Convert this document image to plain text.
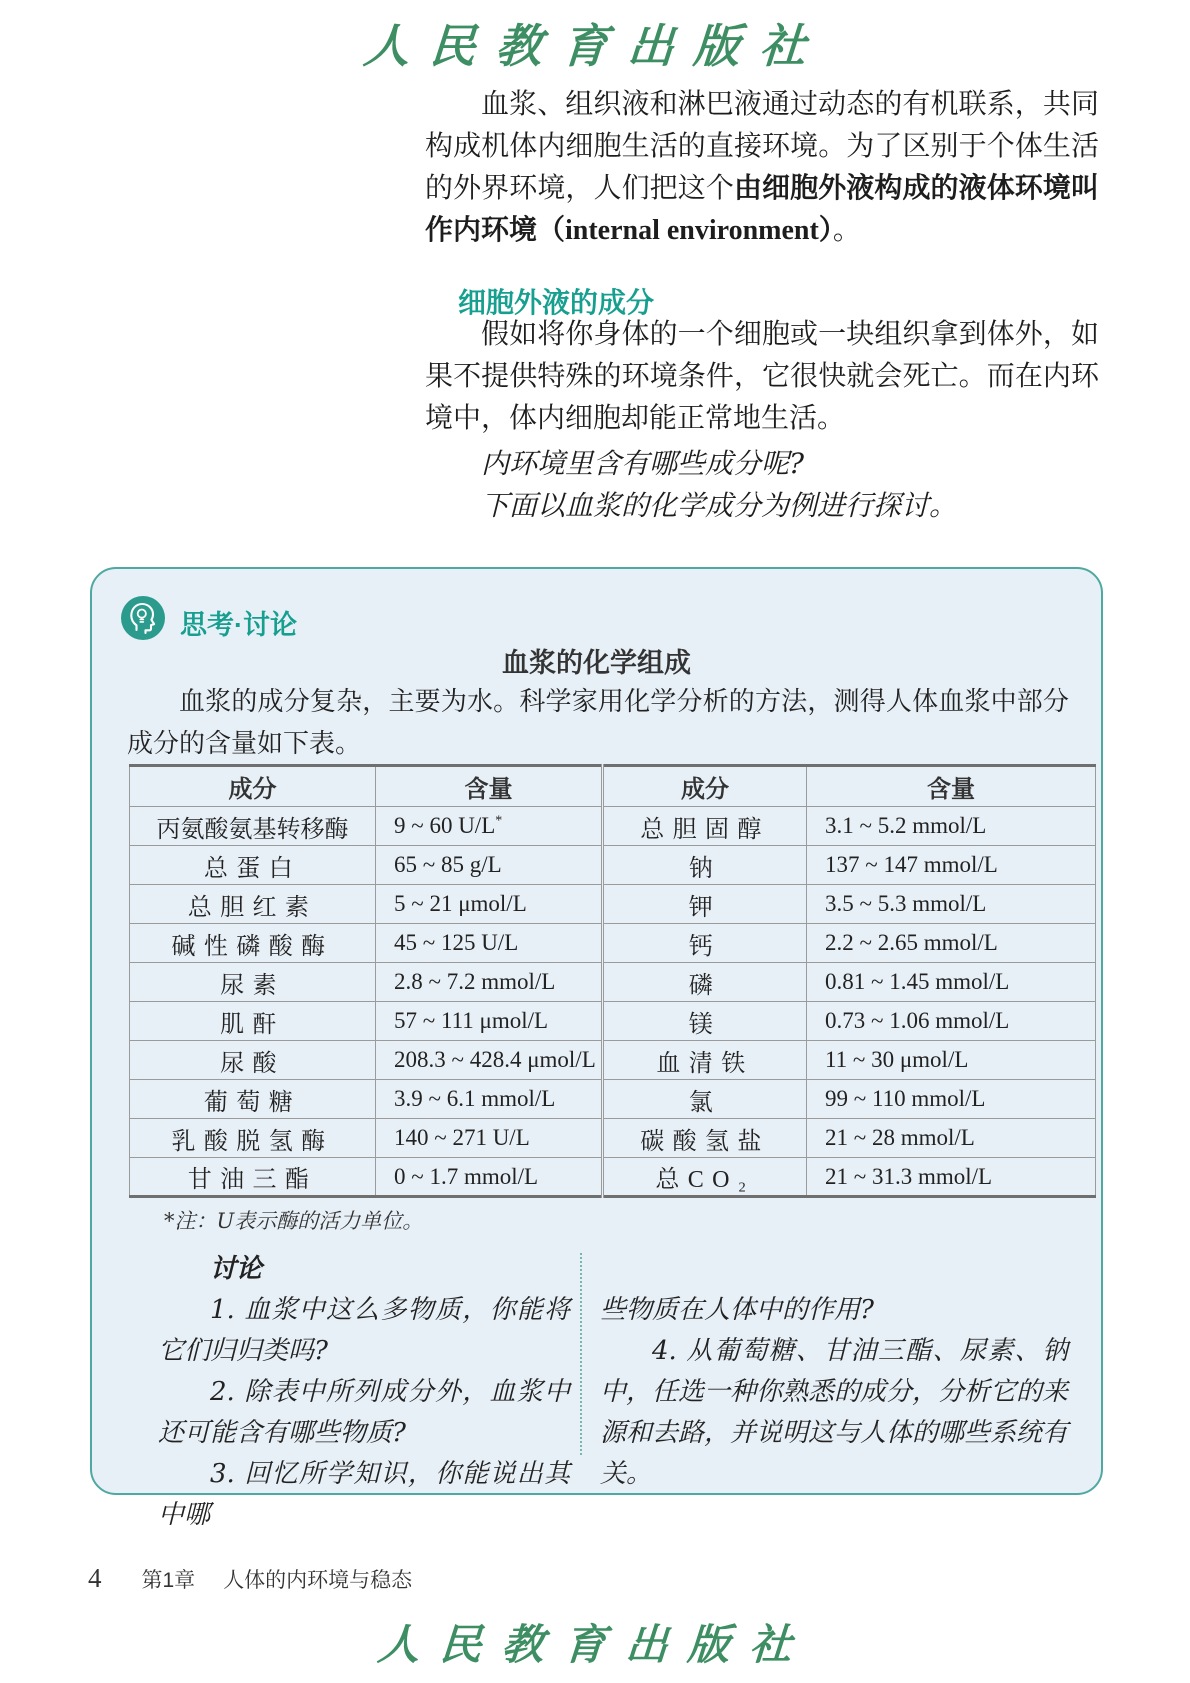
人民教育出版社

血浆、组织液和淋巴液通过动态的有机联系，共同构成机体内细胞生活的直接环境。为了区别于个体生活的外界环境，人们把这个由细胞外液构成的液体环境叫作内环境（internal environment）。

细胞外液的成分

假如将你身体的一个细胞或一块组织拿到体外，如果不提供特殊的环境条件，它很快就会死亡。而在内环境中，体内细胞却能正常地生活。

内环境里含有哪些成分呢?

下面以血浆的化学成分为例进行探讨。

思考·讨论
血浆的化学组成

血浆的成分复杂，主要为水。科学家用化学分析的方法，测得人体血浆中部分成分的含量如下表。

成分	含量	成分	含量
丙氨酸氨基转移酶	9 ~ 60 U/L*	总胆固醇	3.1 ~ 5.2 mmol/L
总蛋白	65 ~ 85 g/L	钠	137 ~ 147 mmol/L
总胆红素	5 ~ 21 μmol/L	钾	3.5 ~ 5.3 mmol/L
碱性磷酸酶	45 ~ 125 U/L	钙	2.2 ~ 2.65 mmol/L
尿素	2.8 ~ 7.2 mmol/L	磷	0.81 ~ 1.45 mmol/L
肌酐	57 ~ 111 μmol/L	镁	0.73 ~ 1.06 mmol/L
尿酸	208.3 ~ 428.4 μmol/L	血清铁	11 ~ 30 μmol/L
葡萄糖	3.9 ~ 6.1 mmol/L	氯	99 ~ 110 mmol/L
乳酸脱氢酶	140 ~ 271 U/L	碳酸氢盐	21 ~ 28 mmol/L
甘油三酯	0 ~ 1.7 mmol/L	总CO₂	21 ~ 31.3 mmol/L
*注：U表示酶的活力单位。

讨论

1. 血浆中这么多物质，你能将它们归归类吗?

2. 除表中所列成分外，血浆中还可能含有哪些物质?

3. 回忆所学知识，你能说出其中哪

些物质在人体中的作用?

4. 从葡萄糖、甘油三酯、尿素、钠中，任选一种你熟悉的成分，分析它的来源和去路，并说明这与人体的哪些系统有关。

4 第1章 人体的内环境与稳态
人民教育出版社
